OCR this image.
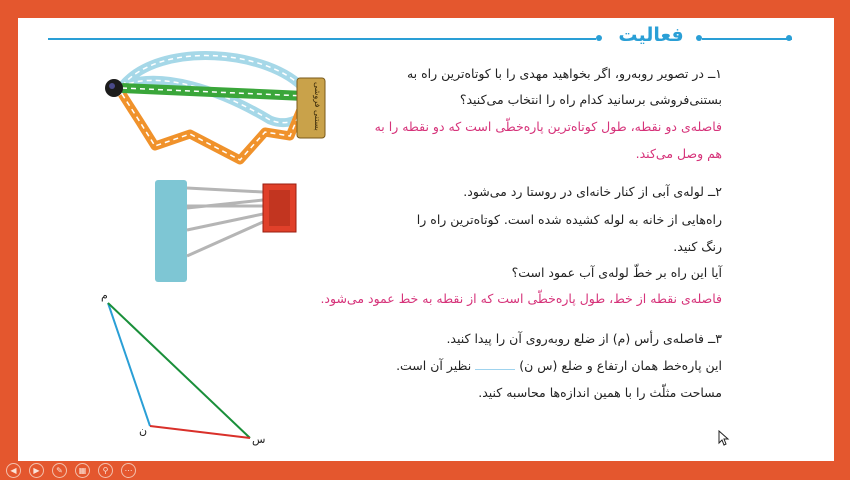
فعالیت
۱ــ در تصویر روبه‌رو، اگر بخواهید مهدی را با کوتاه‌ترین راه به
بستنی‌فروشی برسانید کدام راه را انتخاب می‌کنید؟
فاصله‌ی دو نقطه، طول کوتاه‌ترین پاره‌خطّی است که دو نقطه را به
هم وصل می‌کند.
۲ــ لوله‌ی آبی از کنار خانه‌ای در روستا رد می‌شود.
راه‌هایی از خانه به لوله کشیده شده است. کوتاه‌ترین راه را
رنگ کنید.
آیا این راه بر خطّ لوله‌ی آب عمود است؟
فاصله‌ی نقطه از خط، طول پاره‌خطّی است که از نقطه به خط عمود می‌شود.
۳ــ فاصله‌ی رأس (م) از ضلع روبه‌روی آن را پیدا کنید.
این پاره‌خط همان ارتفاع و ضلع (س ن)  نظیر آن است.
مساحت مثلّث را با همین اندازه‌ها محاسبه کنید.
بستنی فروشی
م
ن
س
◀	▶	✎	▦	⚲	⋯
